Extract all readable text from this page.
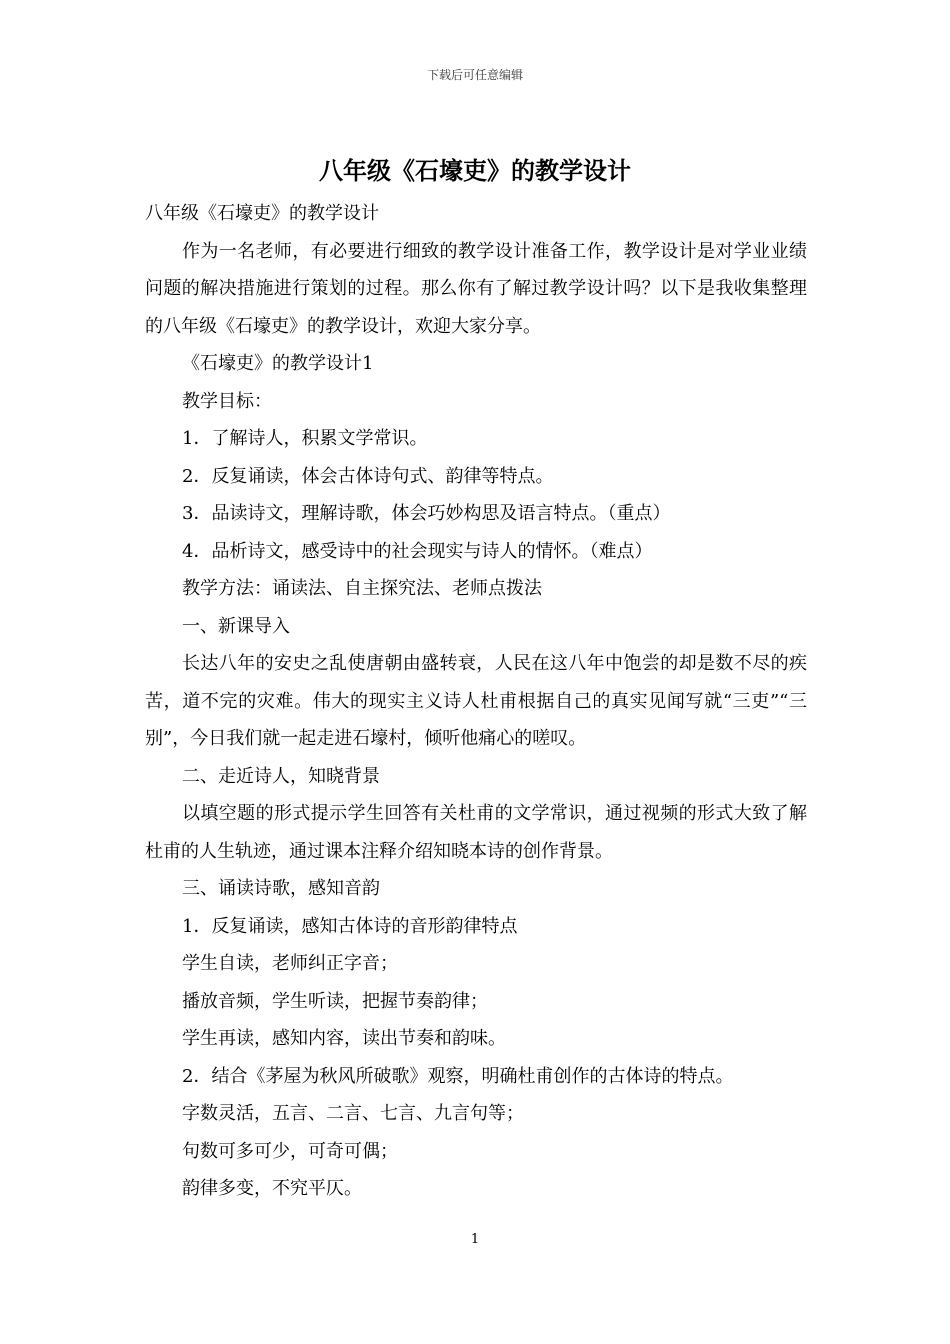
下载后可任意编辑
八年级《石壕吏》的教学设计

八年级《石壕吏》的教学设计

作为一名老师，有必要进行细致的教学设计准备工作，教学设计是对学业业绩问题的解决措施进行策划的过程。那么你有了解过教学设计吗？以下是我收集整理的八年级《石壕吏》的教学设计，欢迎大家分享。

《石壕吏》的教学设计1

教学目标：

1．了解诗人，积累文学常识。

2．反复诵读，体会古体诗句式、韵律等特点。

3．品读诗文，理解诗歌，体会巧妙构思及语言特点。（重点）

4．品析诗文，感受诗中的社会现实与诗人的情怀。（难点）

教学方法：诵读法、自主探究法、老师点拨法

一、新课导入

长达八年的安史之乱使唐朝由盛转衰，人民在这八年中饱尝的却是数不尽的疾苦，道不完的灾难。伟大的现实主义诗人杜甫根据自己的真实见闻写就“三吏”“三别”，今日我们就一起走进石壕村，倾听他痛心的嗟叹。

二、走近诗人，知晓背景

以填空题的形式提示学生回答有关杜甫的文学常识，通过视频的形式大致了解杜甫的人生轨迹，通过课本注释介绍知晓本诗的创作背景。

三、诵读诗歌，感知音韵

1．反复诵读，感知古体诗的音形韵律特点

学生自读，老师纠正字音；

播放音频，学生听读，把握节奏韵律；

学生再读，感知内容，读出节奏和韵味。

2．结合《茅屋为秋风所破歌》观察，明确杜甫创作的古体诗的特点。

字数灵活，五言、二言、七言、九言句等；

句数可多可少，可奇可偶；

韵律多变，不究平仄。

1
